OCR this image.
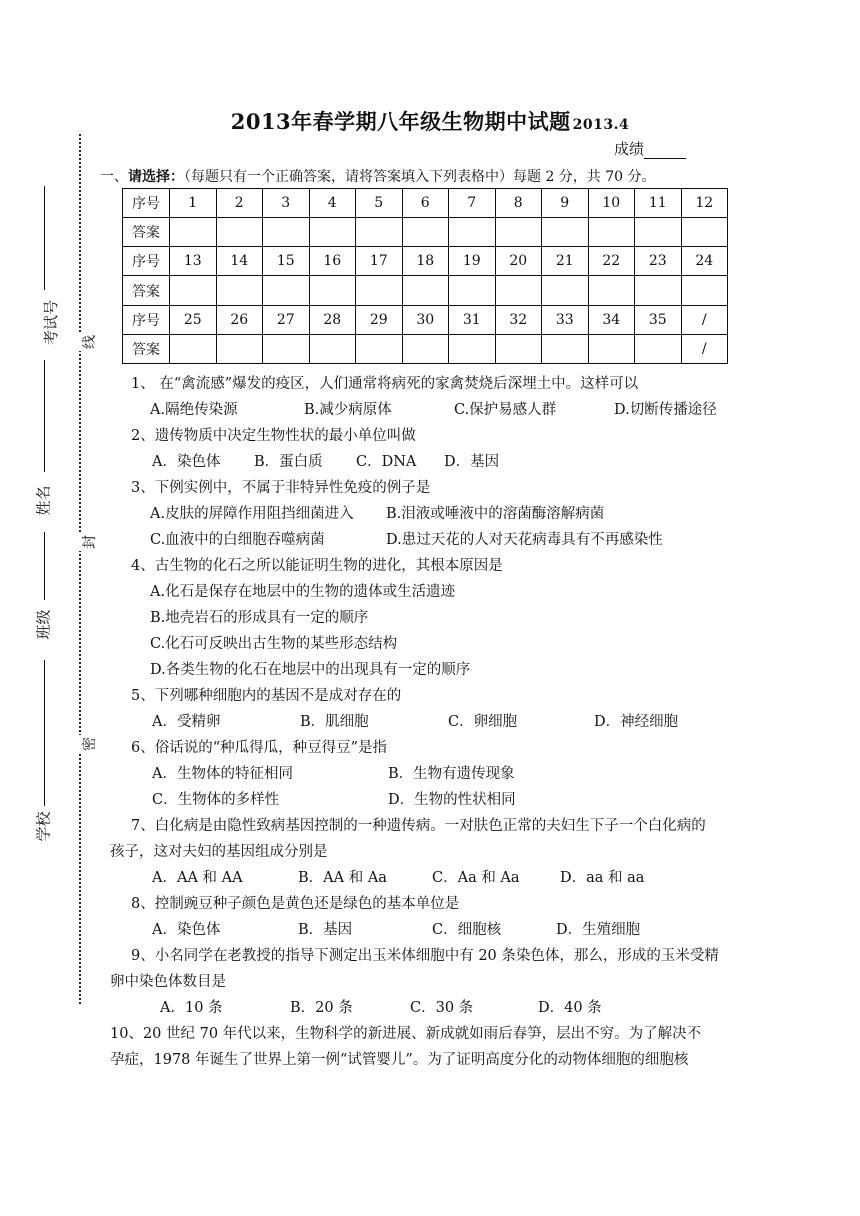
2013年春学期八年级生物期中试题 2013.4
成绩
一、请选择：（每题只有一个正确答案，请将答案填入下列表格中）每题 2 分，共 70 分。
序号	1	2	3	4	5	6	7	8	9	10	11	12
答案												
序号	13	14	15	16	17	18	19	20	21	22	23	24
答案												
序号	25	26	27	28	29	30	31	32	33	34	35	/
答案												/
线
封
密
考试号
姓名
班级
学校
1、 在“禽流感”爆发的疫区，人们通常将病死的家禽焚烧后深埋土中。这样可以
A.隔绝传染源	B.减少病原体	C.保护易感人群	D.切断传播途径
2、遗传物质中决定生物性状的最小单位叫做
A．染色体 B．蛋白质 C．DNA D．基因
3、下例实例中，不属于非特异性免疫的例子是
A.皮肤的屏障作用阻挡细菌进入 B.泪液或唾液中的溶菌酶溶解病菌
C.血液中的白细胞吞噬病菌	D.患过天花的人对天花病毒具有不再感染性
4、古生物的化石之所以能证明生物的进化，其根本原因是
A.化石是保存在地层中的生物的遗体或生活遗迹
B.地壳岩石的形成具有一定的顺序
C.化石可反映出古生物的某些形态结构
D.各类生物的化石在地层中的出现具有一定的顺序
5、下列哪种细胞内的基因不是成对存在的
A．受精卵	B．肌细胞	C．卵细胞	D．神经细胞
6、俗话说的“种瓜得瓜，种豆得豆”是指
A．生物体的特征相同	B．生物有遗传现象
C．生物体的多样性	D．生物的性状相同
7、白化病是由隐性致病基因控制的一种遗传病。一对肤色正常的夫妇生下子一个白化病的
孩子，这对夫妇的基因组成分别是
A．AA 和 AA	B．AA 和 Aa	C．Aa 和 Aa	D．aa 和 aa
8、控制豌豆种子颜色是黄色还是绿色的基本单位是
A．染色体	B．基因	C．细胞核	D．生殖细胞
9、小名同学在老教授的指导下测定出玉米体细胞中有 20 条染色体，那么，形成的玉米受精
卵中染色体数目是
A．10 条	B．20 条	C．30 条	D．40 条
10、20 世纪 70 年代以来，生物科学的新进展、新成就如雨后春笋，层出不穷。为了解决不
孕症，1978 年诞生了世界上第一例“试管婴儿”。为了证明高度分化的动物体细胞的细胞核
